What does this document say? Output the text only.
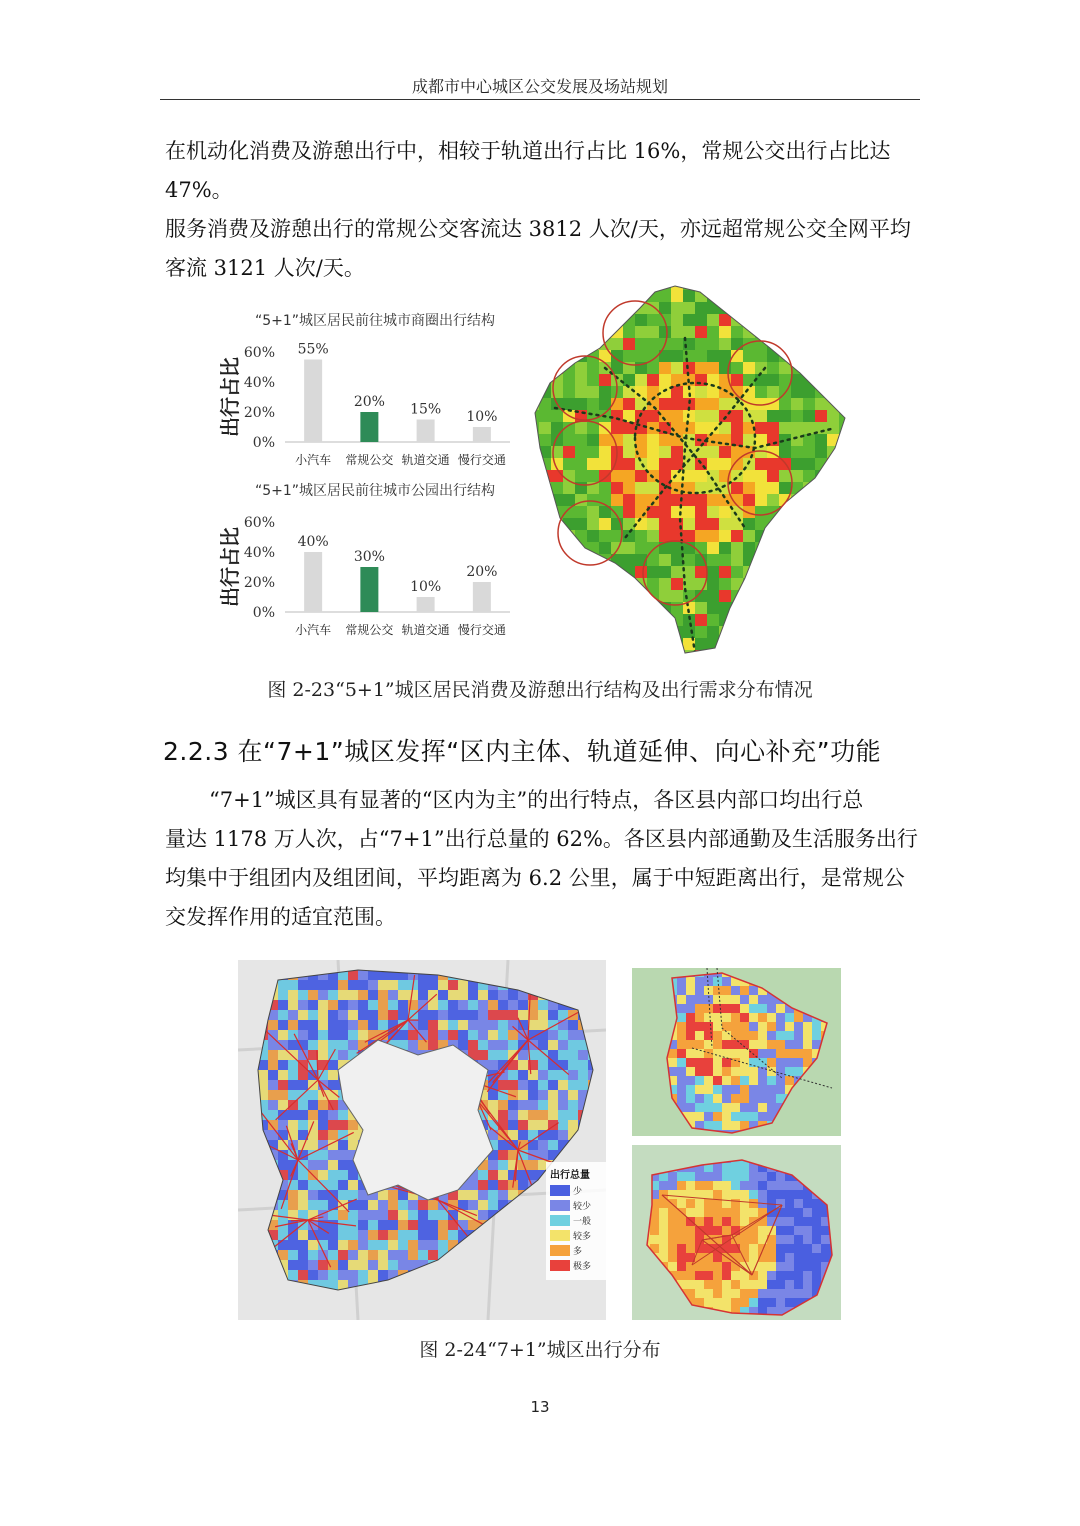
成都市中心城区公交发展及场站规划

在机动化消费及游憩出行中，相较于轨道出行占比 16%，常规公交出行占比达 47%。

服务消费及游憩出行的常规公交客流达 3812 人次/天，亦远超常规公交全网平均

客流 3121 人次/天。

“5+1”城区居民前往城市商圈出行结构
出行占比
0%
20%
40%
60% 55%
小汽车
20%
常规公交
15%
轨道交通
10%
慢行交通
“5+1”城区居民前往城市公园出行结构
出行占比
0%
20%
40%
60%
40%
小汽车
30%
常规公交
10%
轨道交通
20%
慢行交通
图 2-23“5+1”城区居民消费及游憩出行结构及出行需求分布情况
2.2.3 在“7+1”城区发挥“区内主体、轨道延伸、向心补充”功能

“7+1”城区具有显著的“区内为主”的出行特点，各区县内部口均出行总

量达 1178 万人次，占“7+1”出行总量的 62%。各区县内部通勤及生活服务出行

均集中于组团内及组团间，平均距离为 6.2 公里，属于中短距离出行，是常规公

交发挥作用的适宜范围。

出行总量
少
较少
一般
较多
多
极多
图 2-24“7+1”城区出行分布
13
